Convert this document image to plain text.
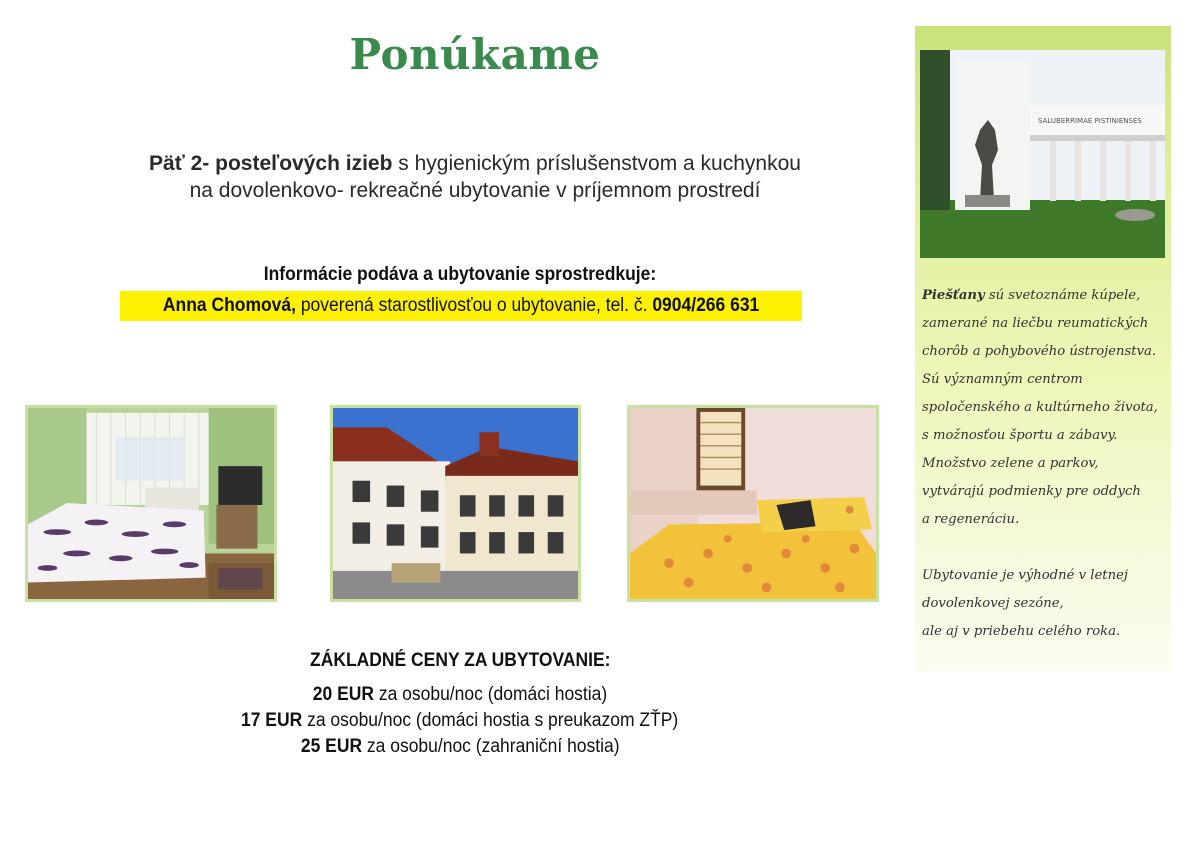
Ponúkame
Päť 2- posteľových izieb s hygienickým príslušenstvom a kuchynkou
na dovolenkovo- rekreačné ubytovanie v príjemnom prostredí
Informácie podáva a ubytovanie sprostredkuje:
Anna Chomová, poverená starostlivosťou o ubytovanie, tel. č. 0904/266 631
ZÁKLADNÉ CENY ZA UBYTOVANIE:
20 EUR za osobu/noc (domáci hostia)
17 EUR za osobu/noc (domáci hostia s preukazom ZŤP)
25 EUR za osobu/noc (zahraniční hostia)
SALUBERRIMAE PISTINIENSES

Piešťany sú svetoznáme kúpele,

zamerané na liečbu reumatických

chorôb a pohybového ústrojenstva.

Sú významným centrom

spoločenského a kultúrneho života,

s možnosťou športu a zábavy.

Množstvo zelene a parkov,

vytvárajú podmienky pre oddych

a regeneráciu.

Ubytovanie je výhodné v letnej

dovolenkovej sezóne,

ale aj v priebehu celého roka.
